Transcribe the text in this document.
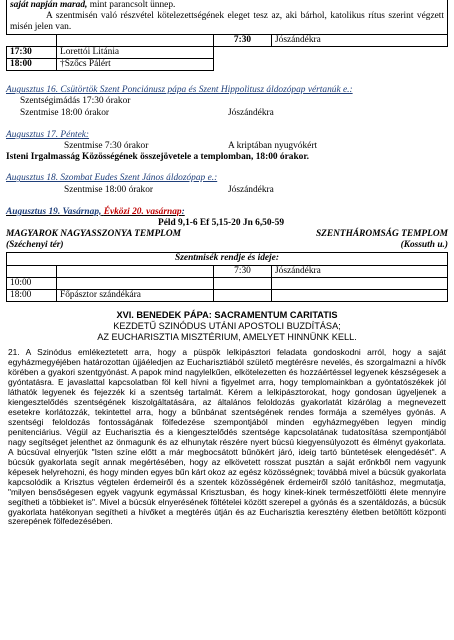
saját napján marad, mint parancsolt ünnep.
A szentmisén való részvétel kötelezettségének eleget tesz az, aki bárhol, katolikus rítus szerint végzett misén jelen van.			

		7:30	Jószándékra
17:30	Lorettói Litánia		
18:00	†Szőcs Pálért		
Augusztus 16. Csütörtök Szent Ponciánusz pápa és Szent Hippolitusz áldozópap vértanúk e.:
Szentségimádás 17:30 órakor
Szentmise 18:00 órakor	Jószándékra
Augusztus 17. Péntek:
Szentmise 7:30 órakor	A kriptában nyugvókért
Isteni Irgalmasság Közösségének összejövetele a templomban, 18:00 órakor.
Augusztus 18. Szombat Eudes Szent János áldozópap e.:
Szentmise 18:00 órakor	Jószándékra
Augusztus 19. Vasárnap, Évközi 20. vasárnap:
Péld 9,1-6 Ef 5,15-20 Jn 6,50-59
MAGYAROK NAGYASSZONYA TEMPLOM	SZENTHÁROMSÁG TEMPLOM
(Széchenyi tér)	(Kossuth u.)
Szentmisék rendje és ideje:			
		7:30	Jószándékra
10:00			
18:00	Főpásztor szándékára		
XVI. BENEDEK PÁPA: SACRAMENTUM CARITATIS
KEZDETŰ SZINÓDUS UTÁNI APOSTOLI BUZDÍTÁSA;
AZ EUCHARISZTIA MISZTÉRIUM, AMELYET HINNÜNK KELL.
21. A Szinódus emlékeztetett arra, hogy a püspök lelkipásztori feladata gondoskodni arról, hogy a saját egyházmegyéjében határozottan újjáéledjen az Eucharisztiából születő megtérésre nevelés, és szorgalmazni a hívők körében a gyakori szentgyónást. A papok mind nagylelkűen, elkötelezetten és hozzáértéssel legyenek készségesek a gyóntatásra. E javaslattal kapcsolatban föl kell hívni a figyelmet arra, hogy templomainkban a gyóntatószékek jól láthatók legyenek és fejezzék ki a szentség tartalmát. Kérem a lelkipásztorokat, hogy gondosan ügyeljenek a kiengesztelődés szentségének kiszolgáltatására, az általános feloldozás gyakorlatát kizárólag a megnevezett esetekre korlátozzák, tekintettel arra, hogy a bűnbánat szentségének rendes formája a személyes gyónás. A szentségi feloldozás fontosságának fölfedezése szempontjából minden egyházmegyében legyen mindig penitenciárius. Végül az Eucharisztia és a kiengesztelődés szentsége kapcsolatának tudatosítása szempontjából nagy segítséget jelenthet az önmagunk és az elhunytak részére nyert búcsú kiegyensúlyozott és élményt gyakorlata. A búcsúval elnyerjük "Isten színe előtt a már megbocsátott bűnökért járó, ideig tartó büntetések elengedését". A búcsúk gyakorlata segít annak megértésében, hogy az elkövetett rosszat pusztán a saját erőnkből nem vagyunk képesek helyrehozni, és hogy minden egyes bűn kárt okoz az egész közösségnek; továbbá mivel a búcsúk gyakorlata kapcsolódik a Krisztus végtelen érdemeiről és a szentek közösségének érdemeiről szóló tanításhoz, megmutatja, "milyen bensőségesen egyek vagyunk egymással Krisztusban, és hogy kinek-kinek természetfölötti élete mennyire segítheti a többieket is". Mivel a búcsúk elnyerésének föltételei között szerepel a gyónás és a szentáldozás, a búcsúk gyakorlata hatékonyan segítheti a hívőket a megtérés útján és az Eucharisztia keresztény életben betöltött központi szerepének fölfedezésében.
